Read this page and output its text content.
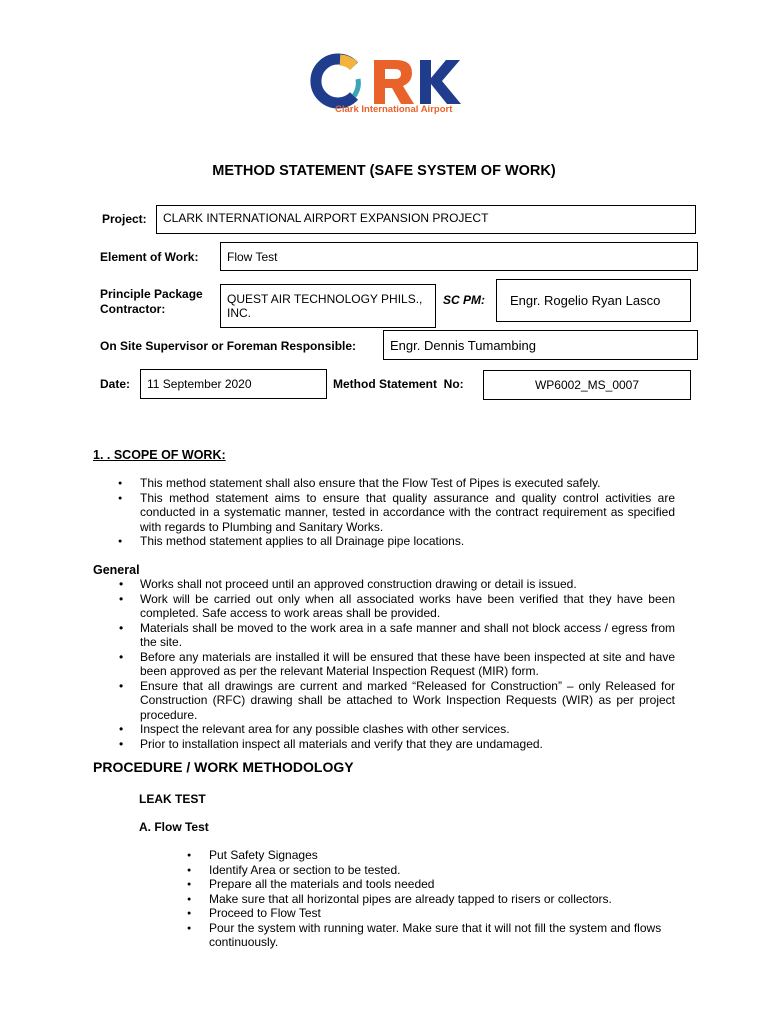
Clark International Airport
METHOD STATEMENT (SAFE SYSTEM OF WORK)
Project:	CLARK INTERNATIONAL AIRPORT EXPANSION PROJECT
Element of Work:	Flow Test
Principle Package Contractor:
QUEST AIR TECHNOLOGY PHILS., INC.
SC PM:	Engr. Rogelio Ryan Lasco
On Site Supervisor or Foreman Responsible:	Engr. Dennis Tumambing
Date:	11 September 2020	Method Statement  No:	WP6002_MS_0007
1. . SCOPE OF WORK:
● This method statement shall also ensure that the Flow Test of Pipes is executed safely.
● This method statement aims to ensure that quality assurance and quality control activities are conducted in a systematic manner, tested in accordance with the contract requirement as specified with regards to Plumbing and Sanitary Works.
● This method statement applies to all Drainage pipe locations.
General
• Works shall not proceed until an approved construction drawing or detail is issued.
• Work will be carried out only when all associated works have been verified that they have been completed. Safe access to work areas shall be provided.
• Materials shall be moved to the work area in a safe manner and shall not block access / egress from the site.
• Before any materials are installed it will be ensured that these have been inspected at site and have been approved as per the relevant Material Inspection Request (MIR) form.
• Ensure that all drawings are current and marked “Released for Construction” – only Released for Construction (RFC) drawing shall be attached to Work Inspection Requests (WIR) as per project procedure.
• Inspect the relevant area for any possible clashes with other services.
• Prior to installation inspect all materials and verify that they are undamaged.
PROCEDURE / WORK METHODOLOGY
LEAK TEST
A. Flow Test
● Put Safety Signages
● Identify Area or section to be tested.
● Prepare all the materials and tools needed
● Make sure that all horizontal pipes are already tapped to risers or collectors.
● Proceed to Flow Test
● Pour the system with running water. Make sure that it will not fill the system and flows continuously.
